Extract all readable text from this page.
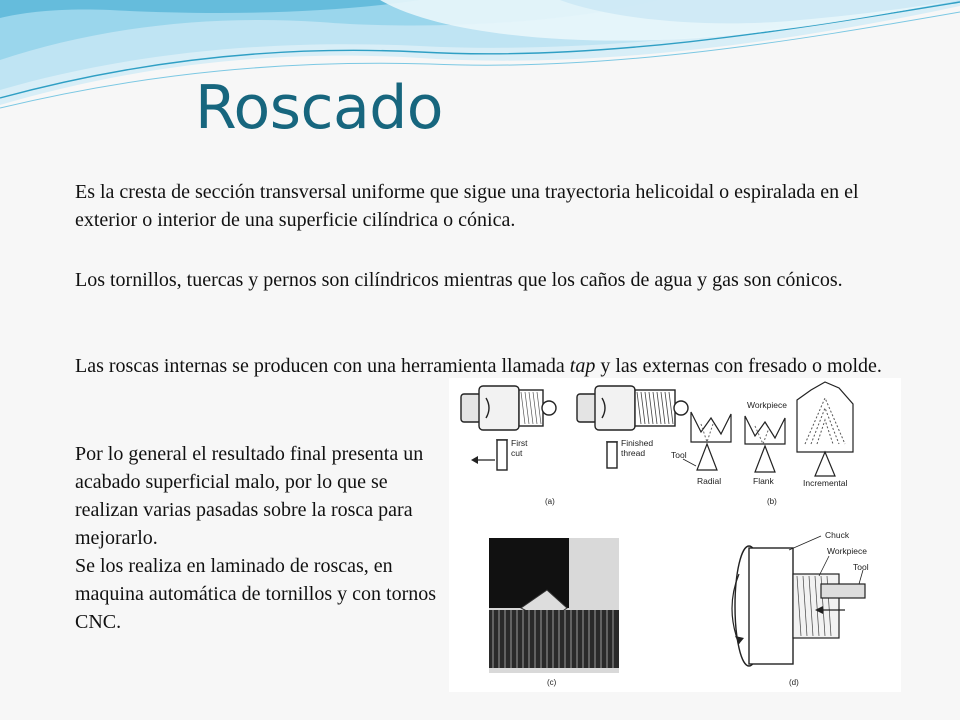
Roscado

Es la cresta de sección transversal uniforme que sigue una trayectoria helicoidal o espiralada en el exterior o interior de una superficie cilíndrica o cónica.

Los tornillos, tuercas y pernos son cilíndricos mientras que los caños de agua y gas son cónicos.

Las roscas internas se producen con una herramienta llamada tap y las externas con fresado o molde.

Por lo general el resultado final presenta un acabado superficial malo, por lo que se realizan varias pasadas sobre la rosca para mejorarlo.
Se los realiza en laminado de roscas, en maquina automática de tornillos y con tornos CNC.
First
cut
Finished
thread
(a)
Tool
Radial
Workpiece
Flank	Incremental
(b)
(c)
Chuck
Workpiece
Tool
(d)
